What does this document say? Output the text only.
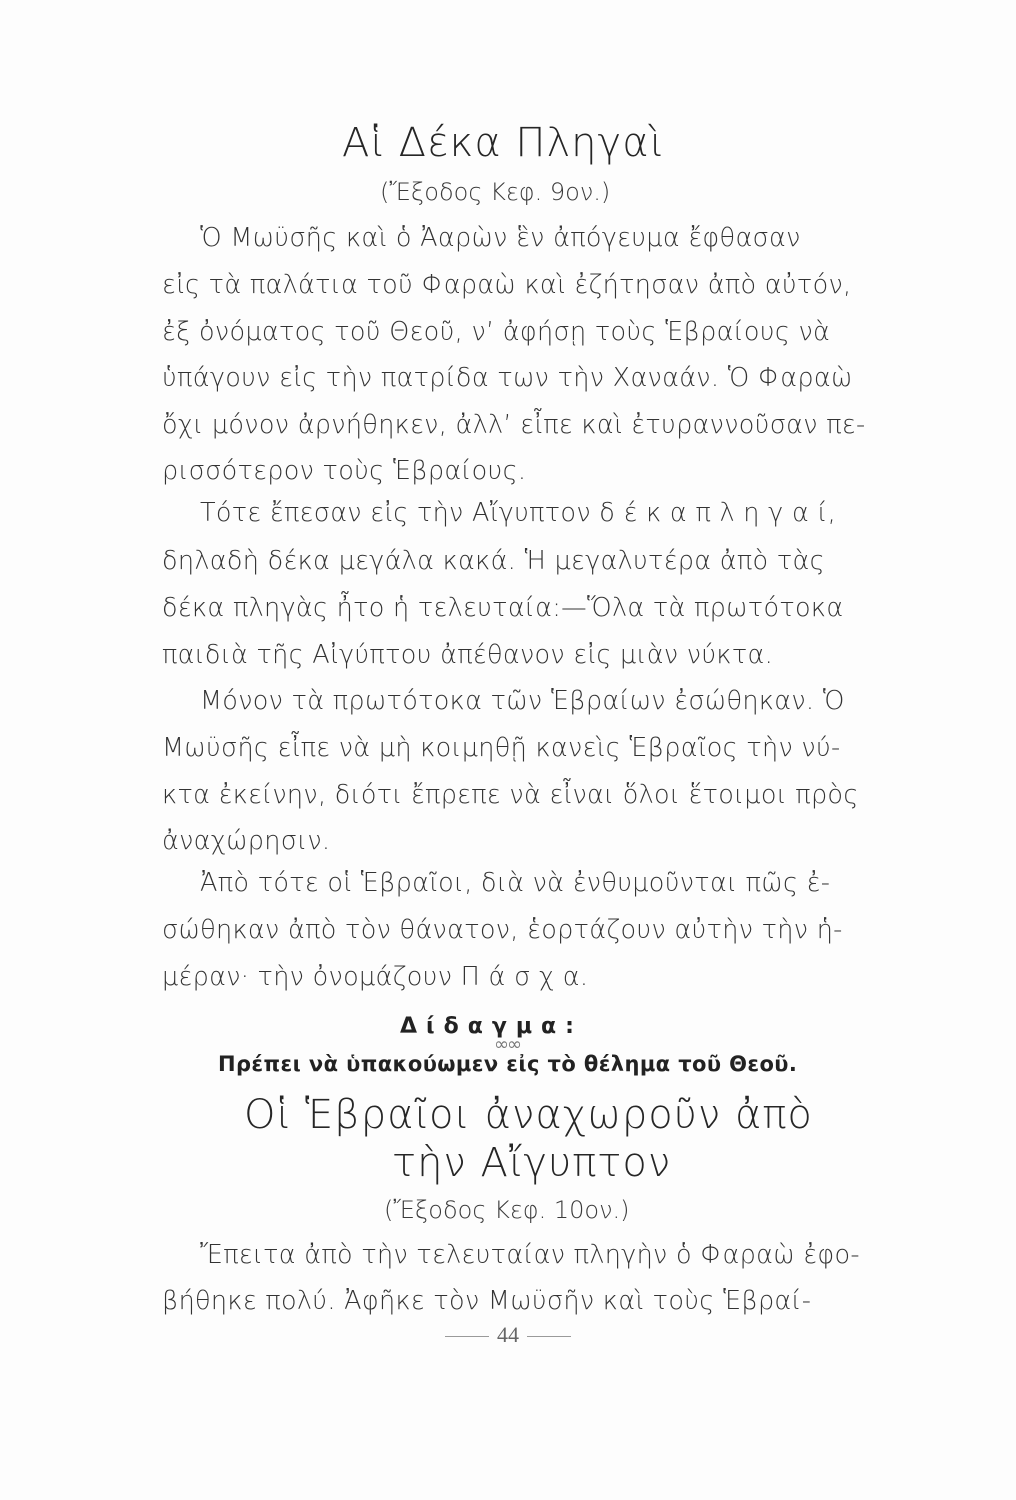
Αἱ Δέκα Πληγαὶ
(Ἔξοδος Κεφ. 9ον.)
Ὁ Μωϋσῆς καὶ ὁ Ἀαρὼν ἓν ἀπόγευμα ἔφθασαν
εἰς τὰ παλάτια τοῦ Φαραὼ καὶ ἐζήτησαν ἀπὸ αὐτόν,
ἐξ ὀνόματος τοῦ Θεοῦ, ν’ ἀφήσῃ τοὺς Ἑβραίους νὰ
ὑπάγουν εἰς τὴν πατρίδα των τὴν Χαναάν. Ὁ Φαραὼ
ὄχι μόνον ἀρνήθηκεν, ἀλλ’ εἶπε καὶ ἐτυραννοῦσαν πε-
ρισσότερον τοὺς Ἑβραίους.
Τότε ἔπεσαν εἰς τὴν Αἴγυπτον δ έ κ α π λ η γ α ί,
δηλαδὴ δέκα μεγάλα κακά. Ἡ μεγαλυτέρα ἀπὸ τὰς
δέκα πληγὰς ἦτο ἡ τελευταία:—Ὅλα τὰ πρωτότοκα
παιδιὰ τῆς Αἰγύπτου ἀπέθανον εἰς μιὰν νύκτα.
Μόνον τὰ πρωτότοκα τῶν Ἑβραίων ἐσώθηκαν. Ὁ
Μωϋσῆς εἶπε νὰ μὴ κοιμηθῇ κανεὶς Ἑβραῖος τὴν νύ-
κτα ἐκείνην, διότι ἔπρεπε νὰ εἶναι ὅλοι ἕτοιμοι πρὸς
ἀναχώρησιν.
Ἀπὸ τότε οἱ Ἑβραῖοι, διὰ νὰ ἐνθυμοῦνται πῶς ἐ-
σώθηκαν ἀπὸ τὸν θάνατον, ἑορτάζουν αὐτὴν τὴν ἡ-
μέραν· τὴν ὀνομάζουν Π ά σ χ α.
Δίδαγμα:
Πρέπει νὰ ὑπακούωμεν εἰς τὸ θέλημα τοῦ Θεοῦ.
∞∞
Οἱ Ἑβραῖοι ἀναχωροῦν ἀπὸ
τὴν Αἴγυπτον
(Ἔξοδος Κεφ. 10ον.)
Ἔπειτα ἀπὸ τὴν τελευταίαν πληγὴν ὁ Φαραὼ ἐφο-
βήθηκε πολύ. Ἀφῆκε τὸν Μωϋσῆν καὶ τοὺς Ἑβραί-
44
